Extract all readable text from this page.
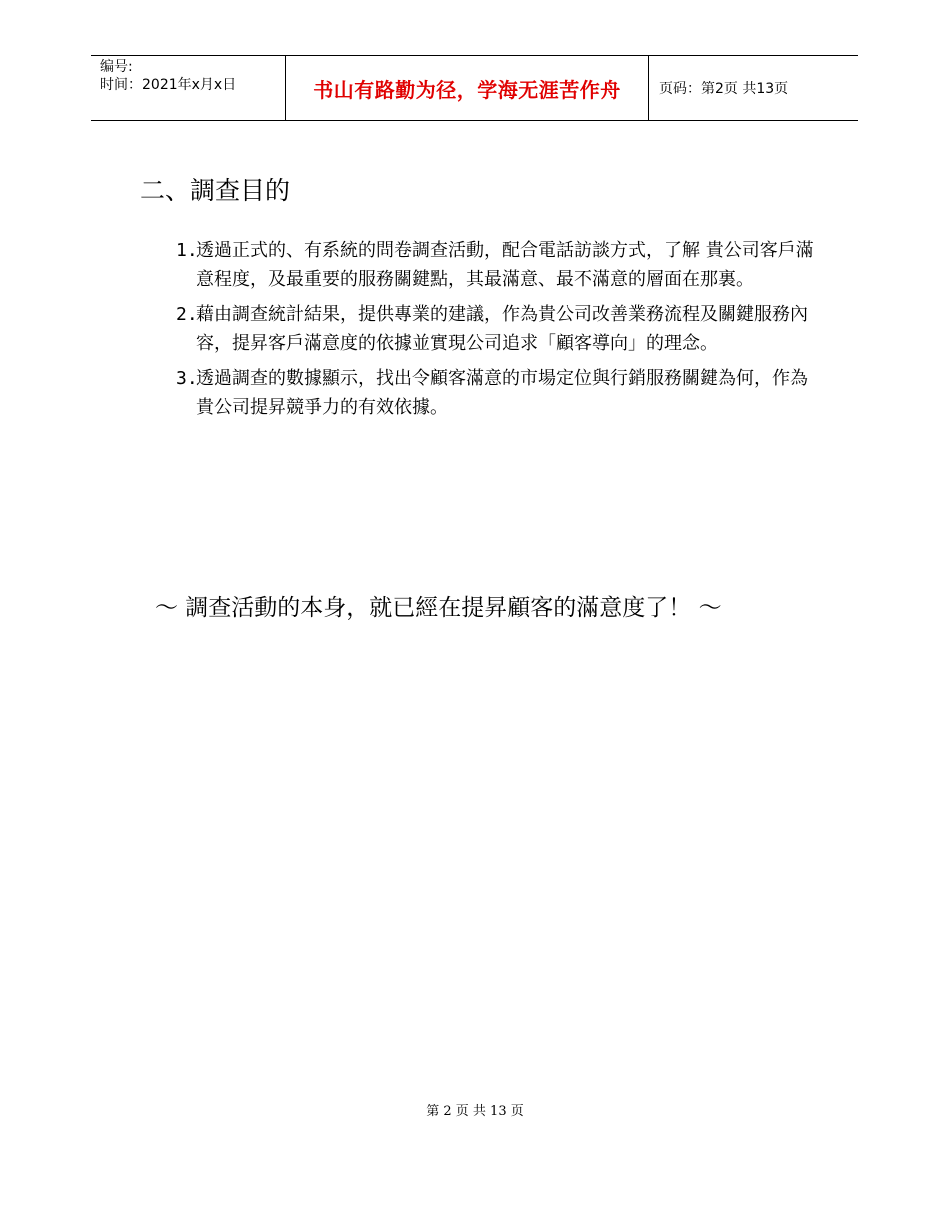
编号:
时间：2021年x月x日	书山有路勤为径，学海无涯苦作舟	页码：第2页 共13页
二、調查目的
1.
透過正式的、有系統的問卷調查活動，配合電話訪談方式，了解 貴公司客戶滿意程度，及最重要的服務關鍵點，其最滿意、最不滿意的層面在那裏。
2.
藉由調查統計結果，提供專業的建議，作為貴公司改善業務流程及關鍵服務內容，提昇客戶滿意度的依據並實現公司追求「顧客導向」的理念。
3.
透過調查的數據顯示，找出令顧客滿意的市場定位與行銷服務關鍵為何，作為 貴公司提昇競爭力的有效依據。
～ 調查活動的本身，就已經在提昇顧客的滿意度了！ ～
第 2 页 共 13 页
